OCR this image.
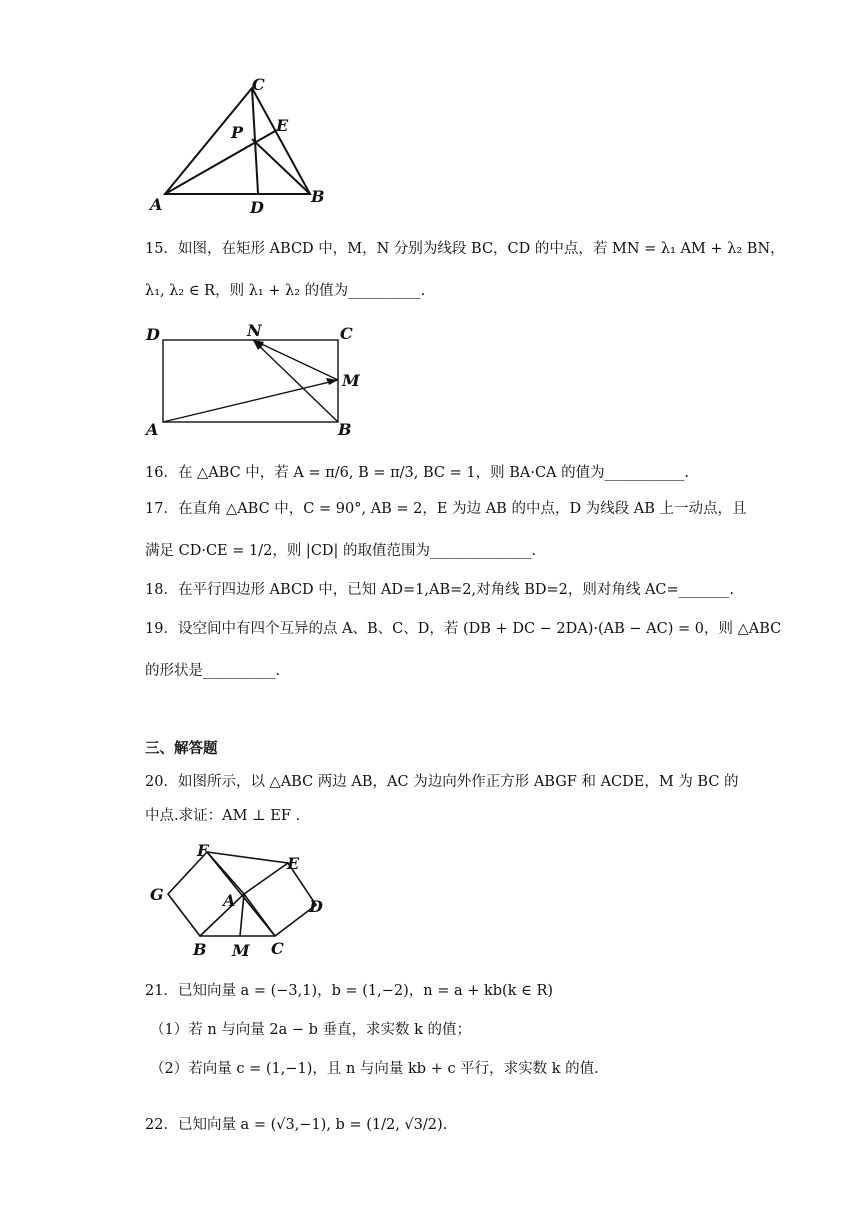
C
P E
A	D
B
15．如图，在矩形 ABCD 中，M，N 分别为线段 BC，CD 的中点，若 MN = λ₁ AM + λ₂ BN，
λ₁, λ₂ ∈ R，则 λ₁ + λ₂ 的值为__________.
D	N	C
M
A	B
16．在 △ABC 中，若 A = π/6, B = π/3, BC = 1，则 BA·CA 的值为___________.
17．在直角 △ABC 中，C = 90°, AB = 2，E 为边 AB 的中点，D 为线段 AB 上一动点，且
满足 CD·CE = 1/2，则 |CD| 的取值范围为______________.
18．在平行四边形 ABCD 中，已知 AD=1,AB=2,对角线 BD=2，则对角线 AC=_______.
19．设空间中有四个互异的点 A、B、C、D，若 (DB + DC − 2DA)·(AB − AC) = 0，则 △ABC
的形状是__________.
三、解答题
20．如图所示，以 △ABC 两边 AB，AC 为边向外作正方形 ABGF 和 ACDE，M 为 BC 的
中点.求证：AM ⊥ EF .
F
E
G	A	D
B M C
21．已知向量 a = (−3,1)，b = (1,−2)，n = a + kb(k ∈ R)
（1）若 n 与向量 2a − b 垂直，求实数 k 的值；
（2）若向量 c = (1,−1)，且 n 与向量 kb + c 平行，求实数 k 的值.
22．已知向量 a = (√3,−1), b = (1/2, √3/2).
